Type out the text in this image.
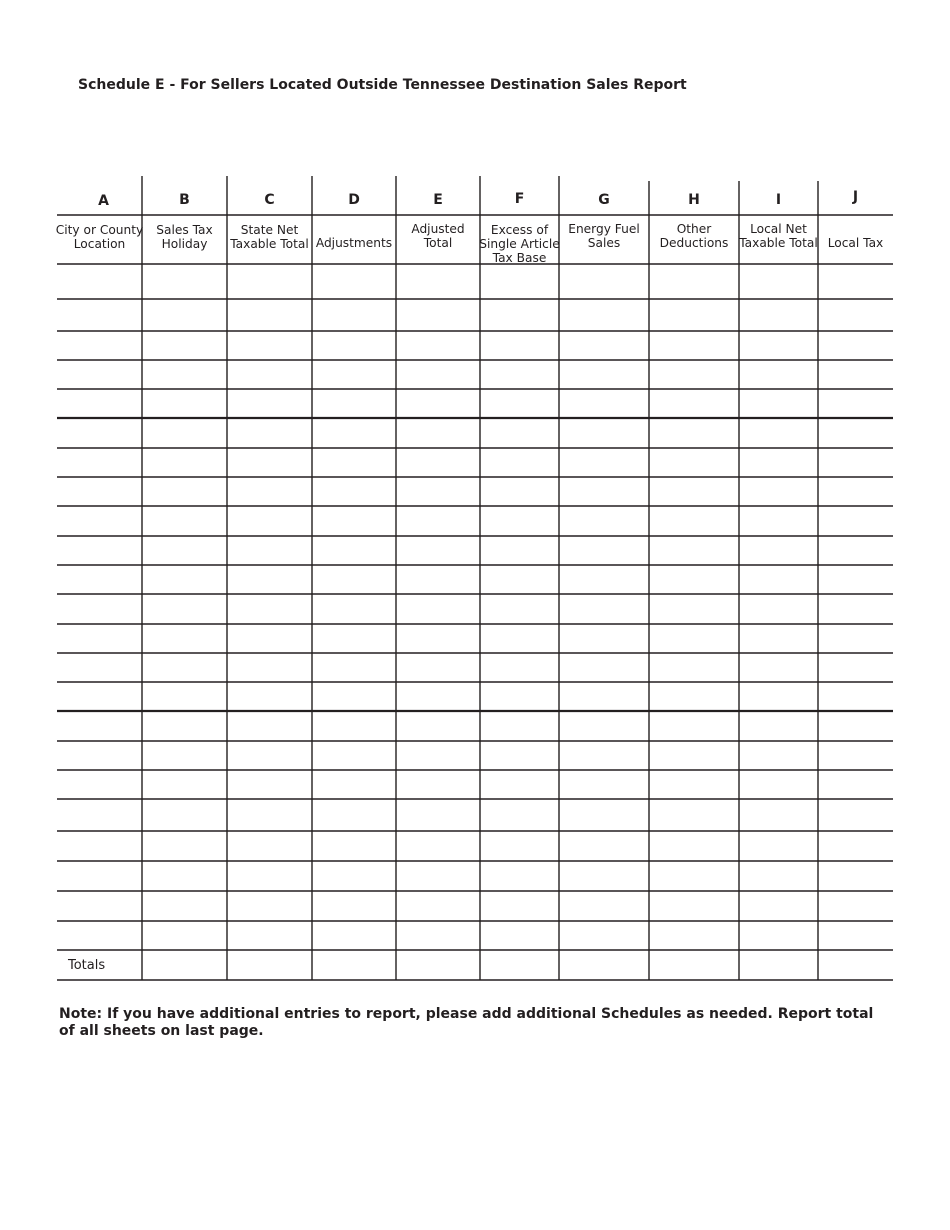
Schedule E - For Sellers Located Outside Tennessee Destination Sales Report
A
City or County
Location
B
Sales Tax
Holiday
C
State Net
Taxable Total
D
Adjustments
E
Adjusted
Total
F
Excess of
Single Article
Tax Base
G
Energy Fuel
Sales
H
Other
Deductions
I
Local Net
Taxable Total
J
Local Tax
Totals
Note: If you have additional entries to report, please add additional Schedules as needed. Report total of all sheets on last page.
